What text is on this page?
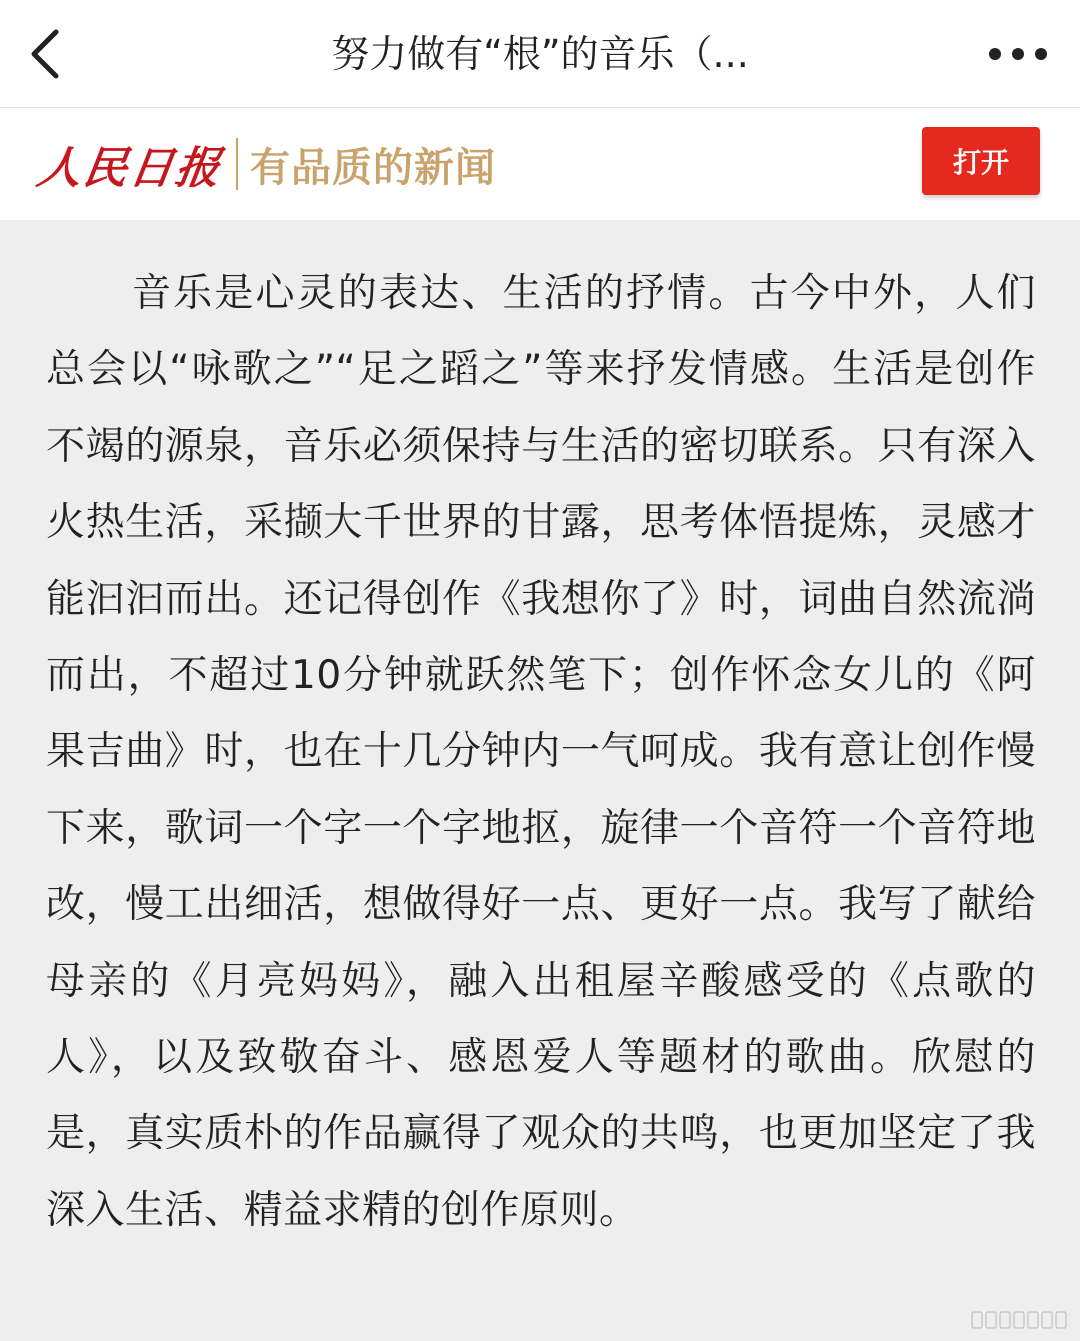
努力做有“根”的音乐（...
人民日报 有品质的新闻	打开

音乐是心灵的表达、生活的抒情。古今中外，人们总会以“咏歌之”“足之蹈之”等来抒发情感。生活是创作不竭的源泉，音乐必须保持与生活的密切联系。只有深入火热生活，采撷大千世界的甘露，思考体悟提炼，灵感才能汩汩而出。还记得创作《我想你了》时，词曲自然流淌而出，不超过10分钟就跃然笔下；创作怀念女儿的《阿果吉曲》时，也在十几分钟内一气呵成。我有意让创作慢下来，歌词一个字一个字地抠，旋律一个音符一个音符地改，慢工出细活，想做得好一点、更好一点。我写了献给母亲的《月亮妈妈》，融入出租屋辛酸感受的《点歌的人》，以及致敬奋斗、感恩爱人等题材的歌曲。欣慰的是，真实质朴的作品赢得了观众的共鸣，也更加坚定了我深入生活、精益求精的创作原则。
